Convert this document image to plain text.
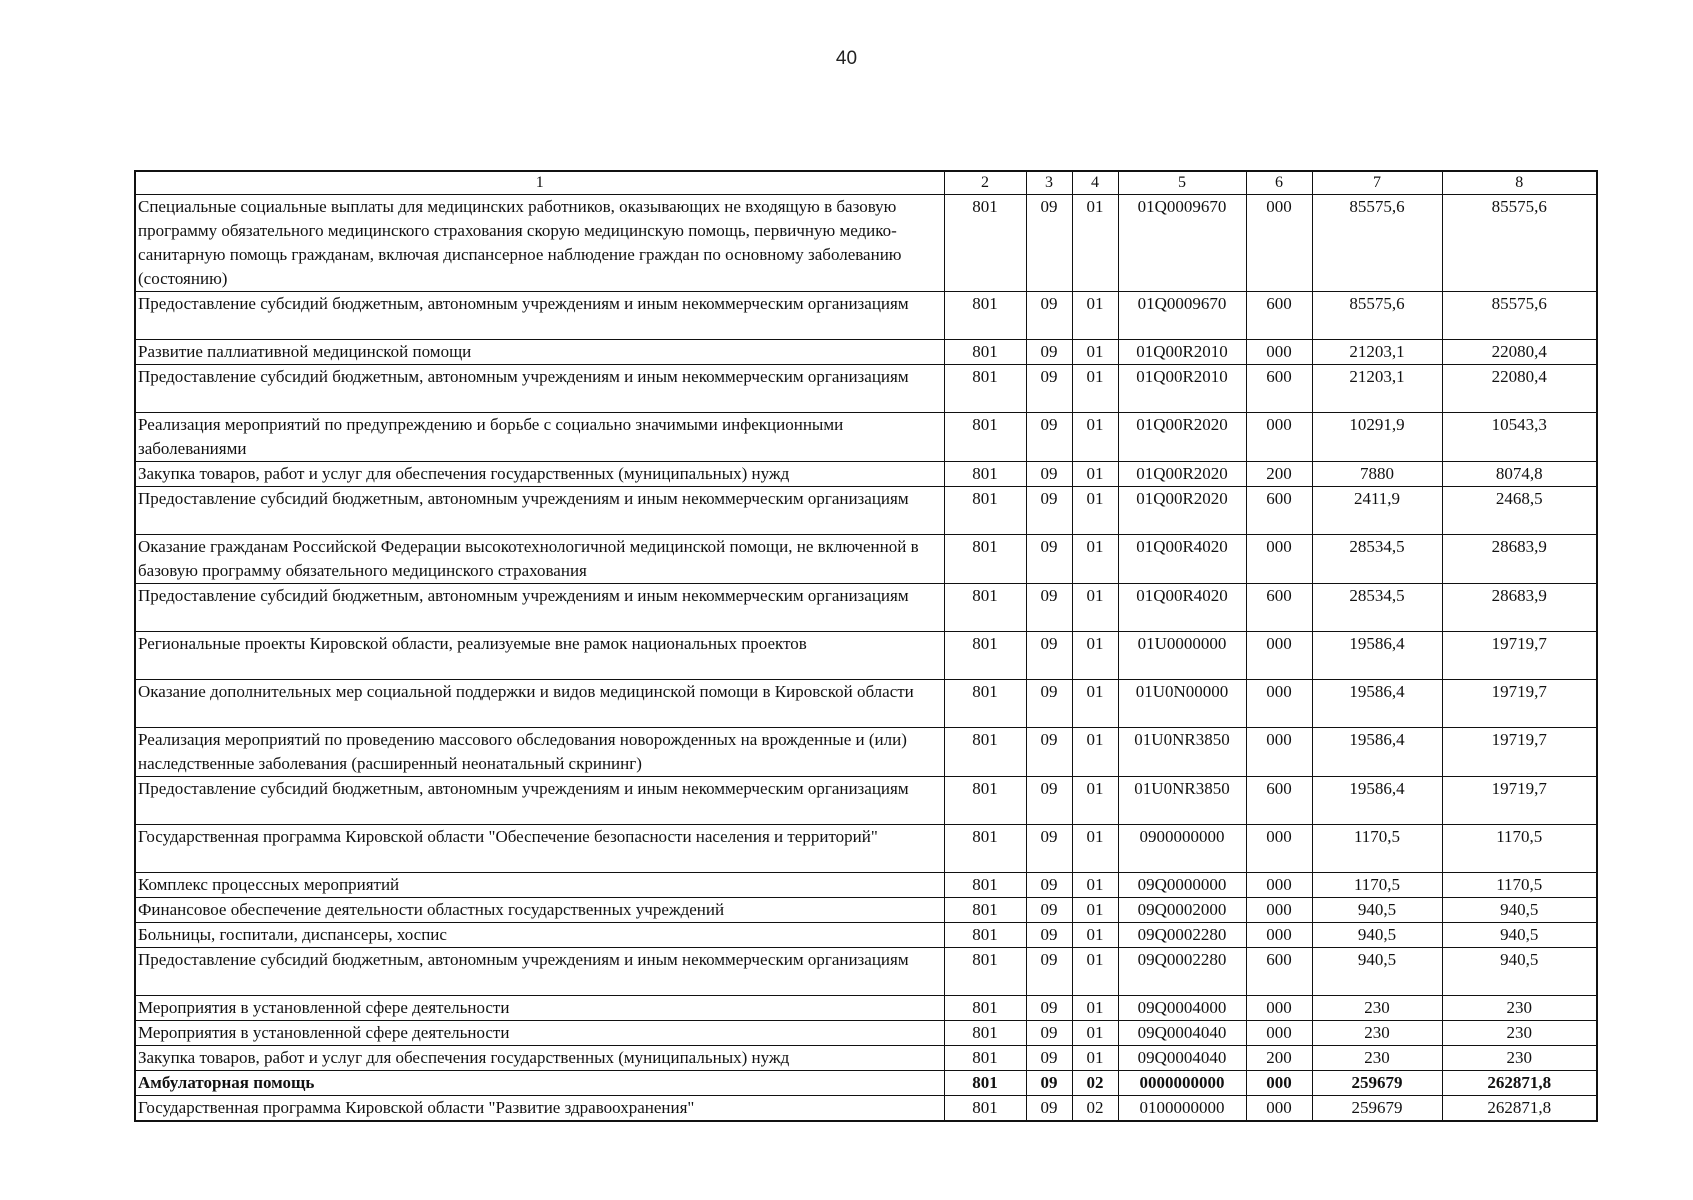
40
1	2	3	4	5	6	7	8
Специальные социальные выплаты для медицинских работников, оказывающих не входящую в базовую программу обязательного медицинского страхования скорую медицинскую помощь, первичную медико-санитарную помощь гражданам, включая диспансерное наблюдение граждан по основному заболеванию (состоянию)	801	09	01	01Q0009670	000	85575,6	85575,6
Предоставление субсидий бюджетным, автономным учреждениям и иным некоммерческим организациям	801	09	01	01Q0009670	600	85575,6	85575,6
Развитие паллиативной медицинской помощи	801	09	01	01Q00R2010	000	21203,1	22080,4
Предоставление субсидий бюджетным, автономным учреждениям и иным некоммерческим организациям	801	09	01	01Q00R2010	600	21203,1	22080,4
Реализация мероприятий по предупреждению и борьбе с социально значимыми инфекционными заболеваниями	801	09	01	01Q00R2020	000	10291,9	10543,3
Закупка товаров, работ и услуг для обеспечения государственных (муниципальных) нужд	801	09	01	01Q00R2020	200	7880	8074,8
Предоставление субсидий бюджетным, автономным учреждениям и иным некоммерческим организациям	801	09	01	01Q00R2020	600	2411,9	2468,5
Оказание гражданам Российской Федерации высокотехнологичной медицинской помощи, не включенной в базовую программу обязательного медицинского страхования	801	09	01	01Q00R4020	000	28534,5	28683,9
Предоставление субсидий бюджетным, автономным учреждениям и иным некоммерческим организациям	801	09	01	01Q00R4020	600	28534,5	28683,9
Региональные проекты Кировской области, реализуемые вне рамок национальных проектов	801	09	01	01U0000000	000	19586,4	19719,7
Оказание дополнительных мер социальной поддержки и видов медицинской помощи в Кировской области	801	09	01	01U0N00000	000	19586,4	19719,7
Реализация мероприятий по проведению массового обследования новорожденных на врожденные и (или) наследственные заболевания (расширенный неонатальный скрининг)	801	09	01	01U0NR3850	000	19586,4	19719,7
Предоставление субсидий бюджетным, автономным учреждениям и иным некоммерческим организациям	801	09	01	01U0NR3850	600	19586,4	19719,7
Государственная программа Кировской области "Обеспечение безопасности населения и территорий"	801	09	01	0900000000	000	1170,5	1170,5
Комплекс процессных мероприятий	801	09	01	09Q0000000	000	1170,5	1170,5
Финансовое обеспечение деятельности областных государственных учреждений	801	09	01	09Q0002000	000	940,5	940,5
Больницы, госпитали, диспансеры, хоспис	801	09	01	09Q0002280	000	940,5	940,5
Предоставление субсидий бюджетным, автономным учреждениям и иным некоммерческим организациям	801	09	01	09Q0002280	600	940,5	940,5
Мероприятия в установленной сфере деятельности	801	09	01	09Q0004000	000	230	230
Мероприятия в установленной сфере деятельности	801	09	01	09Q0004040	000	230	230
Закупка товаров, работ и услуг для обеспечения государственных (муниципальных) нужд	801	09	01	09Q0004040	200	230	230
Амбулаторная помощь	801	09	02	0000000000	000	259679	262871,8
Государственная программа Кировской области "Развитие здравоохранения"	801	09	02	0100000000	000	259679	262871,8
